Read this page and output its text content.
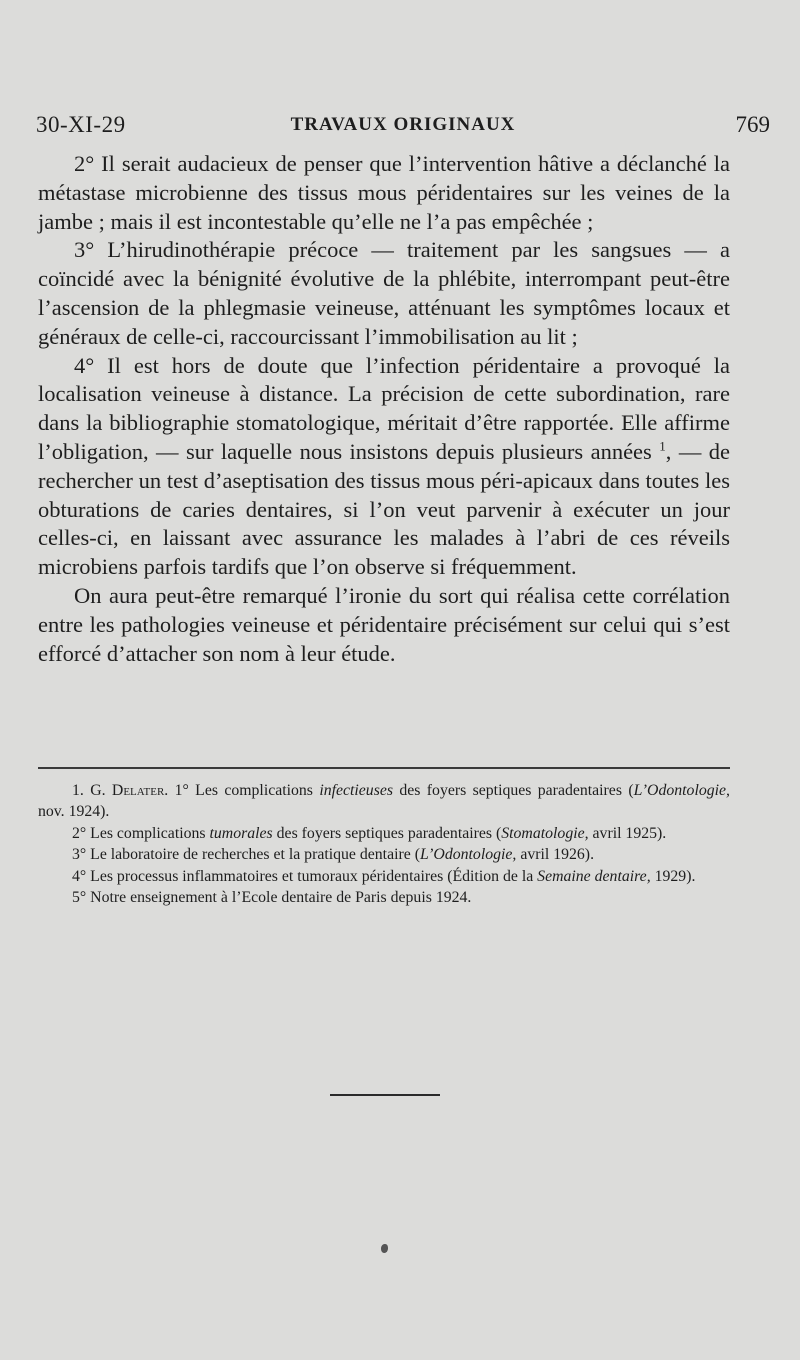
30-XI-29	TRAVAUX ORIGINAUX	769

2° Il serait audacieux de penser que l’intervention hâtive a déclanché la métastase microbienne des tissus mous péridentaires sur les veines de la jambe ; mais il est incontestable qu’elle ne l’a pas empêchée ;

3° L’hirudinothérapie précoce — traitement par les sangsues — a coïncidé avec la bénignité évolutive de la phlébite, interrompant peut-être l’ascension de la phlegmasie veineuse, atténuant les symptômes locaux et généraux de celle-ci, raccourcissant l’immobilisation au lit ;

4° Il est hors de doute que l’infection péridentaire a provoqué la localisation veineuse à distance. La précision de cette subordination, rare dans la bibliographie stomatologique, méritait d’être rapportée. Elle affirme l’obligation, — sur laquelle nous insistons depuis plusieurs années $^1$, — de rechercher un test d’aseptisation des tissus mous péri-apicaux dans toutes les obturations de caries dentaires, si l’on veut parvenir à exécuter un jour celles-ci, en laissant avec assurance les malades à l’abri de ces réveils microbiens parfois tardifs que l’on observe si fréquemment.

On aura peut-être remarqué l’ironie du sort qui réalisa cette corrélation entre les pathologies veineuse et péridentaire précisément sur celui qui s’est efforcé d’attacher son nom à leur étude.

1. G. Delater. 1° Les complications infectieuses des foyers septiques paradentaires (L’Odontologie, nov. 1924).

2° Les complications tumorales des foyers septiques paradentaires (Stomatologie, avril 1925).

3° Le laboratoire de recherches et la pratique dentaire (L’Odontologie, avril 1926).

4° Les processus inflammatoires et tumoraux péridentaires (Édition de la Semaine dentaire, 1929).

5° Notre enseignement à l’Ecole dentaire de Paris depuis 1924.
